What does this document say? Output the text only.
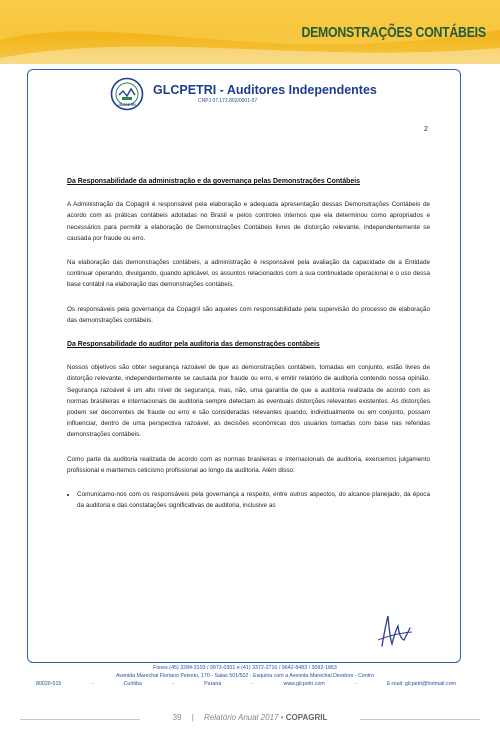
DEMONSTRAÇÕES CONTÁBEIS
GLCPETRI
GLCPETRI - Auditores Independentes
CNPJ 07.172.892/0001-57
2
Da Responsabilidade da administração e da governança pelas Demonstrações Contábeis

A Administração da Copagril é responsável pela elaboração e adequada apresentação dessas Demonstrações Contábeis de acordo com as práticas contábeis adotadas no Brasil e pelos controles internos que ela determinou como apropriados e necessários para permitir a elaboração de Demonstrações Contábeis livres de distorção relevante, independentemente se causada por fraude ou erro.

Na elaboração das demonstrações contábeis, a administração é responsável pela avaliação da capacidade de a Entidade continuar operando, divulgando, quando aplicável, os assuntos relacionados com a sua continuidade operacional e o uso dessa base contábil na elaboração das demonstrações contábeis.

Os responsáveis pela governança da Copagril são aqueles com responsabilidade pela supervisão do processo de elaboração das demonstrações contábeis.

Da Responsabilidade do auditor pela auditoria das demonstrações contábeis

Nossos objetivos são obter segurança razoável de que as demonstrações contábeis, tomadas em conjunto, estão livres de distorção relevante, independentemente se causada por fraude ou erro, e emitir relatório de auditoria contendo nossa opinião. Segurança razoável é um alto nível de segurança, mas, não, uma garantia de que a auditoria realizada de acordo com as normas brasileiras e internacionais de auditoria sempre detectam as eventuais distorções relevantes existentes. As distorções podem ser decorrentes de fraude ou erro e são consideradas relevantes quando, individualmente ou em conjunto, possam influenciar, dentro de uma perspectiva razoável, as decisões econômicas dos usuários tomadas com base nas referidas demonstrações contábeis.

Como parte da auditoria realizada de acordo com as normas brasileiras e internacionais de auditoria, exercemos julgamento profissional e mantemos ceticismo profissional ao longo da auditoria. Além disso:

• Comunicamo-nos com os responsáveis pela governança a respeito, entre outros aspectos, do alcance planejado, da época da auditoria e das constatações significativas de auditoria, inclusive as
Fones (45) 3284-3103 / 9973-0301 e (41) 3372-2710 / 9642-8483 / 3092-1863
Avenida Marechal Floriano Peixoto, 170 - Salas 501/502 - Esquina com a Avenida Marechal Deodoro - Centro
80020-515	-	Curitiba	-	Paraná	-	www.glcpetri.com	-	E-mail: glcpetri@hotmail.com
39 | Relatório Anual 2017 • COPAGRIL
